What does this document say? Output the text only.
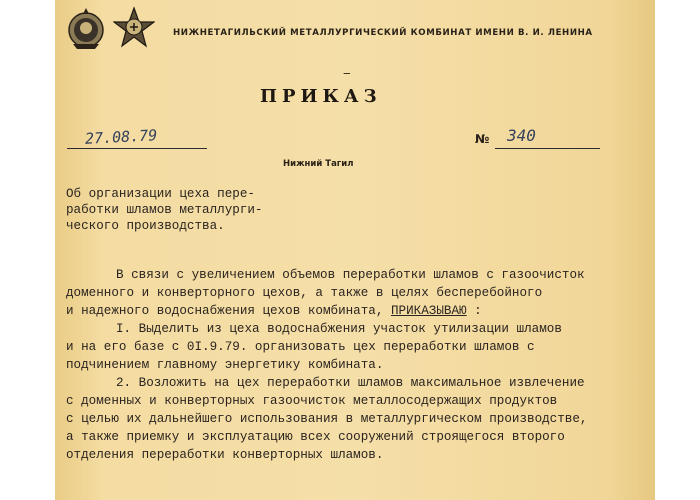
НИЖНЕТАГИЛЬСКИЙ МЕТАЛЛУРГИЧЕСКИЙ КОМБИНАТ ИМЕНИ В. И. ЛЕНИНА
‒
ПРИКАЗ
27.08.79	№ 340
Нижний Тагил
Об организации цеха пере-
работки шламов металлурги-
ческого производства.
В связи с увеличением объемов переработки шламов с газоочисток
доменного и конверторного цехов, а также в целях бесперебойного
и надежного водоснабжения цехов комбината, ПРИКАЗЫВАЮ :
I. Выделить из цеха водоснабжения участок утилизации шламов
и на его базе с 0I.9.79. организовать цех переработки шламов с
подчинением главному энергетику комбината.
2. Возложить на цех переработки шламов максимальное извлечение
с доменных и конверторных газоочисток металлосодержащих продуктов
с целью их дальнейшего использования в металлургическом производстве,
а также приемку и эксплуатацию всех сооружений строящегося второго
отделения переработки конверторных шламов.
